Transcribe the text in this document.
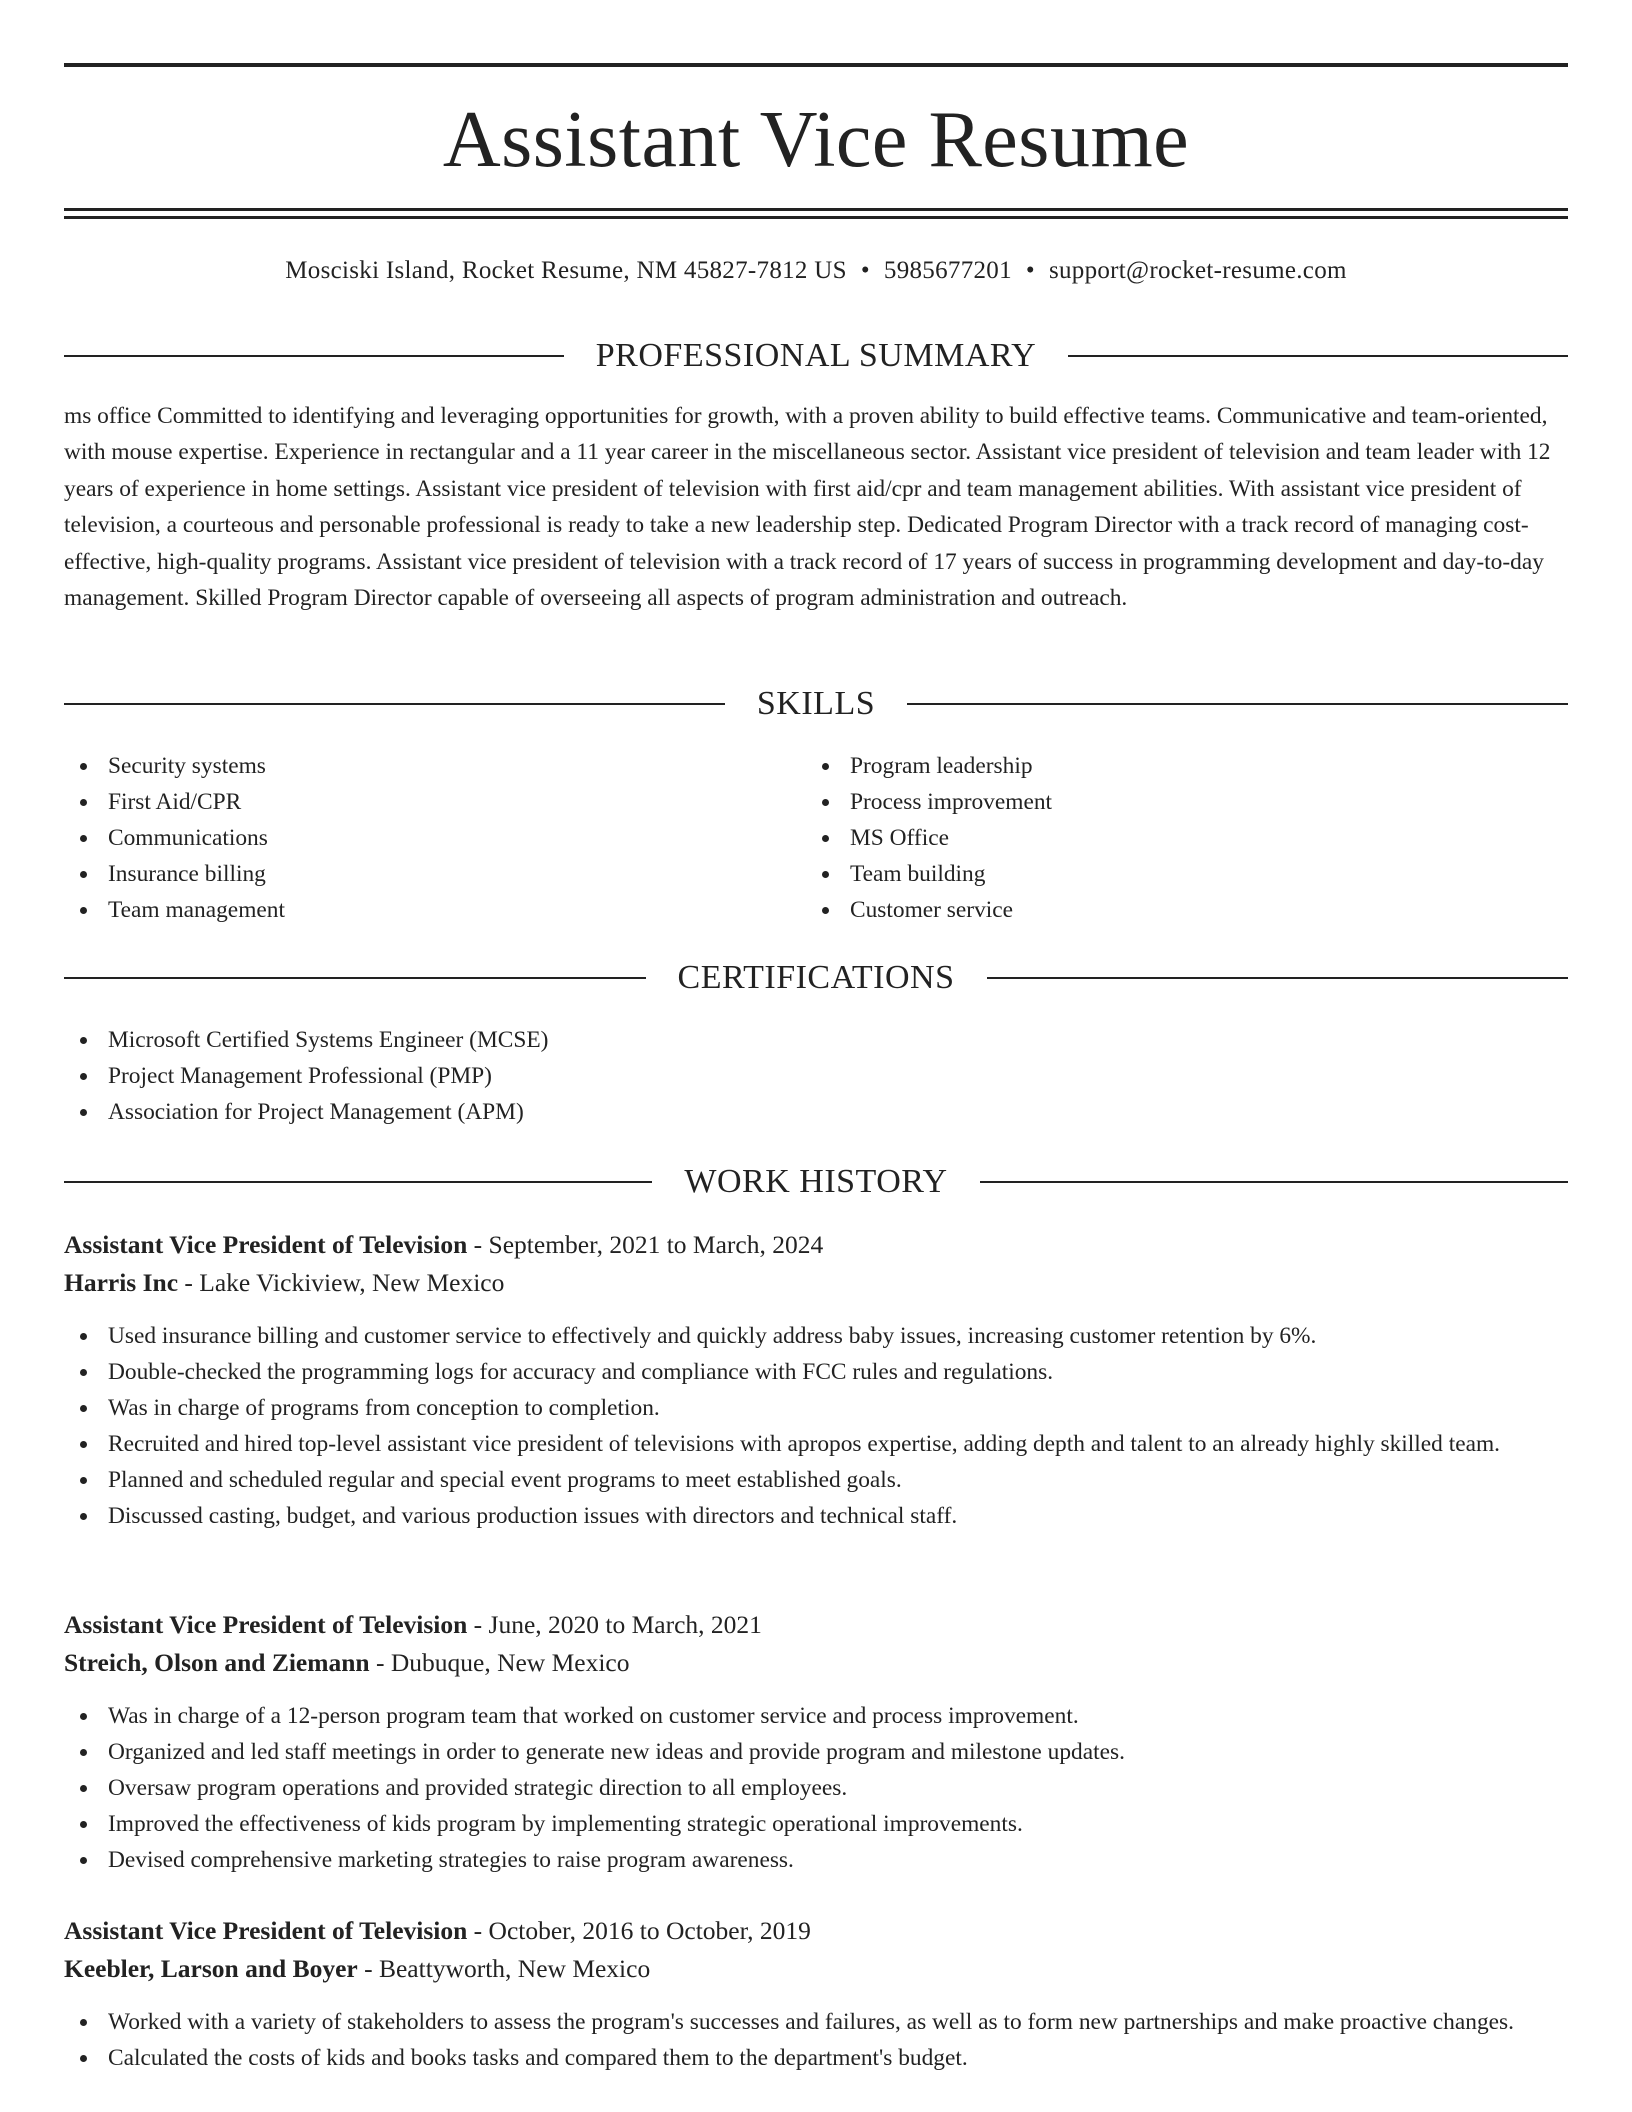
Assistant Vice Resume
Mosciski Island, Rocket Resume, NM 45827-7812 US • 5985677201 • support@rocket-resume.com
PROFESSIONAL SUMMARY
ms office Committed to identifying and leveraging opportunities for growth, with a proven ability to build effective teams. Communicative and team-oriented, with mouse expertise. Experience in rectangular and a 11 year career in the miscellaneous sector. Assistant vice president of television and team leader with 12 years of experience in home settings. Assistant vice president of television with first aid/cpr and team management abilities. With assistant vice president of television, a courteous and personable professional is ready to take a new leadership step. Dedicated Program Director with a track record of managing cost-effective, high-quality programs. Assistant vice president of television with a track record of 17 years of success in programming development and day-to-day management. Skilled Program Director capable of overseeing all aspects of program administration and outreach.
SKILLS
Security systems
First Aid/CPR
Communications
Insurance billing
Team management
Program leadership
Process improvement
MS Office
Team building
Customer service
CERTIFICATIONS
Microsoft Certified Systems Engineer (MCSE)
Project Management Professional (PMP)
Association for Project Management (APM)
WORK HISTORY
Assistant Vice President of Television - September, 2021 to March, 2024
Harris Inc - Lake Vickiview, New Mexico
Used insurance billing and customer service to effectively and quickly address baby issues, increasing customer retention by 6%.
Double-checked the programming logs for accuracy and compliance with FCC rules and regulations.
Was in charge of programs from conception to completion.
Recruited and hired top-level assistant vice president of televisions with apropos expertise, adding depth and talent to an already highly skilled team.
Planned and scheduled regular and special event programs to meet established goals.
Discussed casting, budget, and various production issues with directors and technical staff.
Assistant Vice President of Television - June, 2020 to March, 2021
Streich, Olson and Ziemann - Dubuque, New Mexico
Was in charge of a 12-person program team that worked on customer service and process improvement.
Organized and led staff meetings in order to generate new ideas and provide program and milestone updates.
Oversaw program operations and provided strategic direction to all employees.
Improved the effectiveness of kids program by implementing strategic operational improvements.
Devised comprehensive marketing strategies to raise program awareness.
Assistant Vice President of Television - October, 2016 to October, 2019
Keebler, Larson and Boyer - Beattyworth, New Mexico
Worked with a variety of stakeholders to assess the program's successes and failures, as well as to form new partnerships and make proactive changes.
Calculated the costs of kids and books tasks and compared them to the department's budget.
